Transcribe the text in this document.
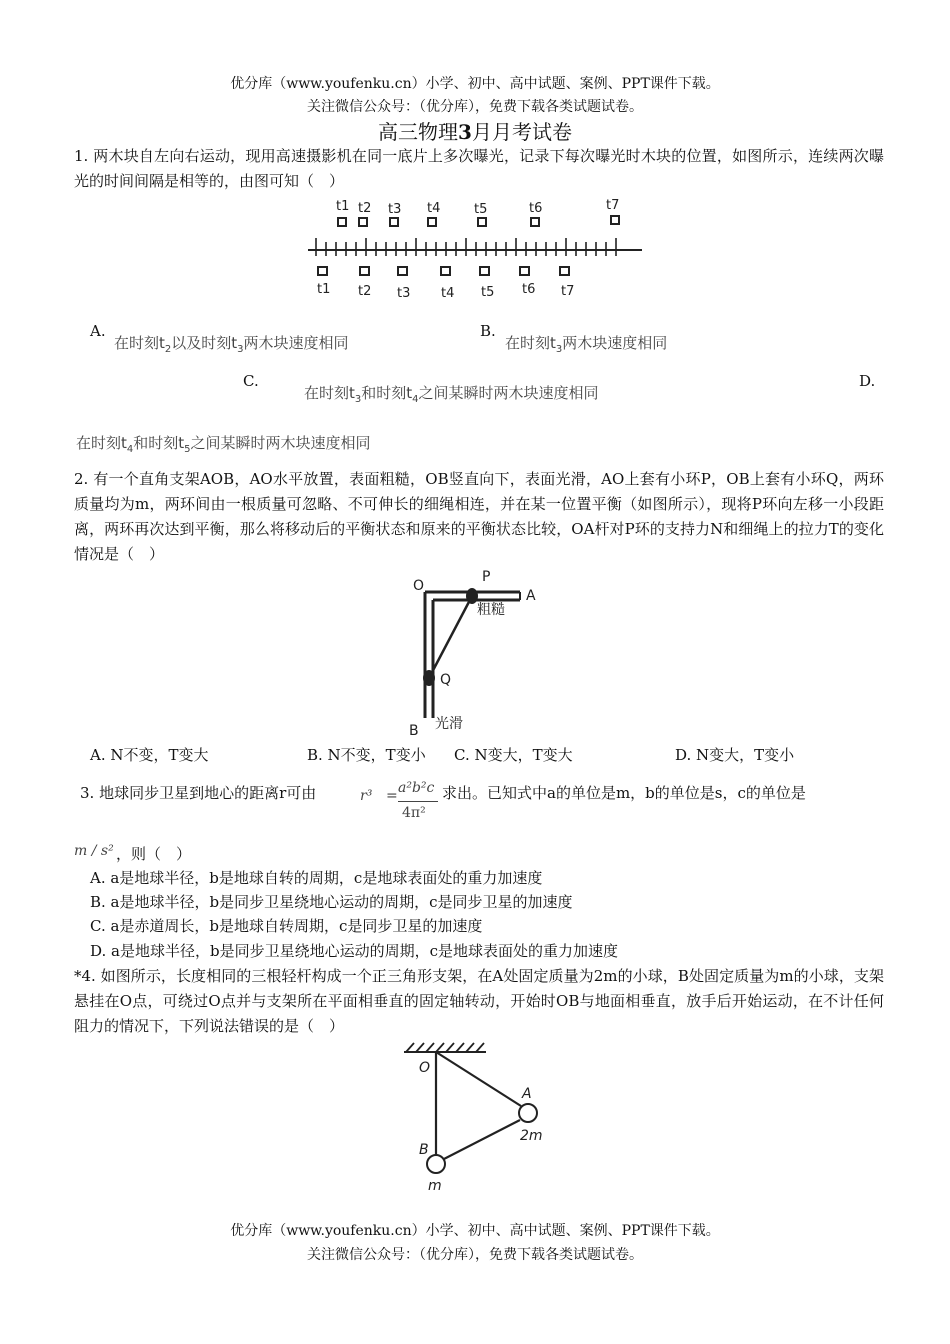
优分库（www.youfenku.cn）小学、初中、高中试题、案例、PPT课件下载。
关注微信公众号：（优分库），免费下载各类试题试卷。
高三物理3月月考试卷
1. 两木块自左向右运动，现用高速摄影机在同一底片上多次曝光，记录下每次曝光时木块的位置，如图所示，连续两次曝光的时间间隔是相等的，由图可知（　）
t1 t2 t3 t4	t5	t6	t7
t1 t2 t3 t4 t5 t6 t7
A.
在时刻$t_2$以及时刻$t_3$两木块速度相同
B.
在时刻$t_3$两木块速度相同
C.
在时刻$t_3$和时刻$t_4$之间某瞬时两木块速度相同
D.
在时刻$t_4$和时刻$t_5$之间某瞬时两木块速度相同
2. 有一个直角支架AOB，AO水平放置，表面粗糙，OB竖直向下，表面光滑，AO上套有小环P，OB上套有小环Q，两环质量均为m，两环间由一根质量可忽略、不可伸长的细绳相连，并在某一位置平衡（如图所示），现将P环向左移一小段距离，两环再次达到平衡，那么将移动后的平衡状态和原来的平衡状态比较，OA杆对P环的支持力N和细绳上的拉力T的变化情况是（　）
O
P
A
Q
B
粗糙
光滑
A. N不变，T变大	B. N不变，T变小 C. N变大，T变大	D. N变大，T变小
3. 地球同步卫星到地心的距离r可由	r³ = a²b²c
4π²
求出。已知式中a的单位是m，b的单位是s，c的单位是
m / s² ，则（　）
A. a是地球半径，b是地球自转的周期，c是地球表面处的重力加速度
B. a是地球半径，b是同步卫星绕地心运动的周期，c是同步卫星的加速度
C. a是赤道周长，b是地球自转周期，c是同步卫星的加速度
D. a是地球半径，b是同步卫星绕地心运动的周期，c是地球表面处的重力加速度
*4. 如图所示，长度相同的三根轻杆构成一个正三角形支架，在A处固定质量为2m的小球，B处固定质量为m的小球，支架悬挂在O点，可绕过O点并与支架所在平面相垂直的固定轴转动，开始时OB与地面相垂直，放手后开始运动，在不计任何阻力的情况下，下列说法错误的是（　）
O
A
2m
B
m
优分库（www.youfenku.cn）小学、初中、高中试题、案例、PPT课件下载。
关注微信公众号：（优分库），免费下载各类试题试卷。
